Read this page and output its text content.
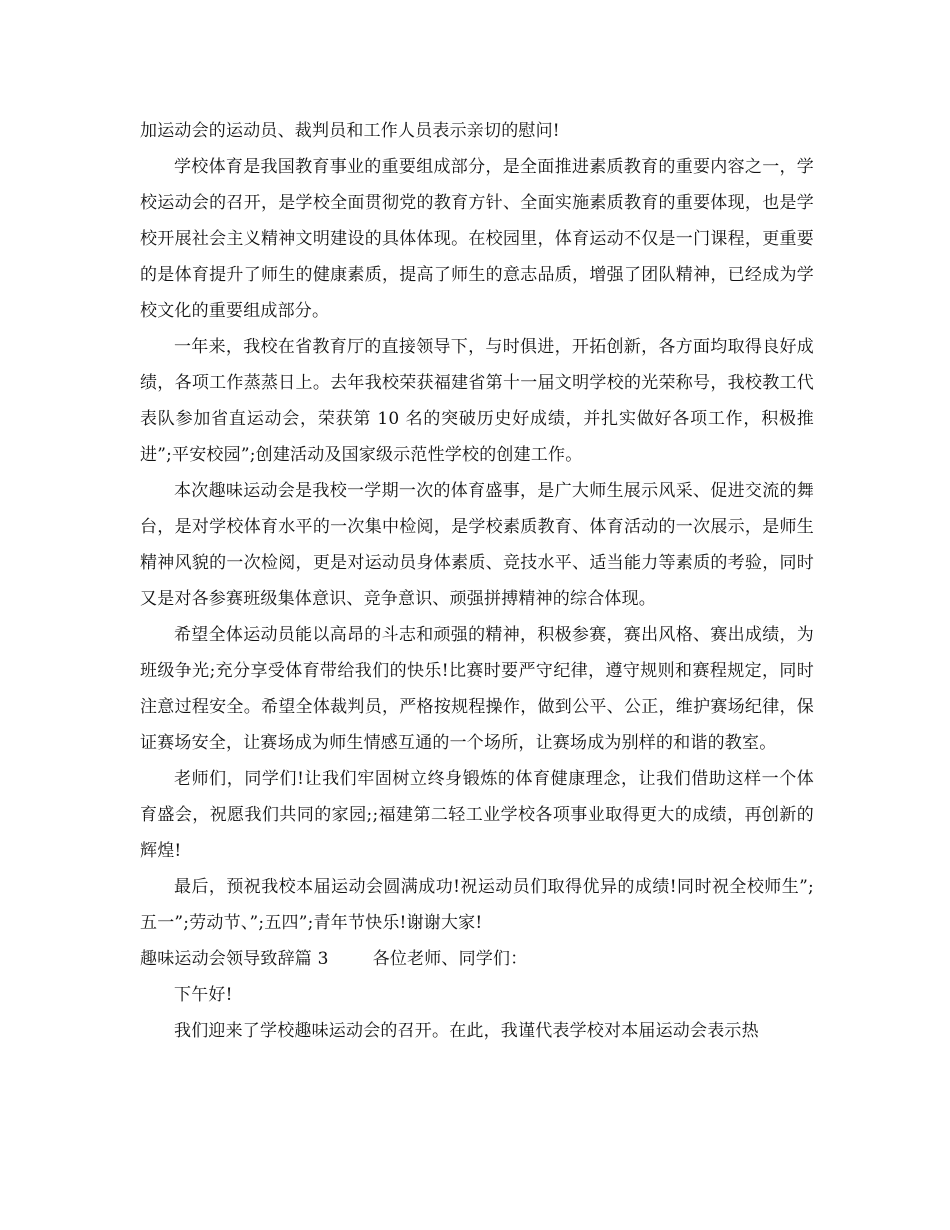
加运动会的运动员、裁判员和工作人员表示亲切的慰问!

学校体育是我国教育事业的重要组成部分，是全面推进素质教育的重要内容之一，学校运动会的召开，是学校全面贯彻党的教育方针、全面实施素质教育的重要体现，也是学校开展社会主义精神文明建设的具体体现。在校园里，体育运动不仅是一门课程，更重要的是体育提升了师生的健康素质，提高了师生的意志品质，增强了团队精神，已经成为学校文化的重要组成部分。

一年来，我校在省教育厅的直接领导下，与时俱进，开拓创新，各方面均取得良好成绩，各项工作蒸蒸日上。去年我校荣获福建省第十一届文明学校的光荣称号，我校教工代表队参加省直运动会，荣获第 10 名的突破历史好成绩，并扎实做好各项工作，积极推进”;平安校园”;创建活动及国家级示范性学校的创建工作。

本次趣味运动会是我校一学期一次的体育盛事，是广大师生展示风采、促进交流的舞台，是对学校体育水平的一次集中检阅，是学校素质教育、体育活动的一次展示，是师生精神风貌的一次检阅，更是对运动员身体素质、竞技水平、适当能力等素质的考验，同时又是对各参赛班级集体意识、竞争意识、顽强拼搏精神的综合体现。

希望全体运动员能以高昂的斗志和顽强的精神，积极参赛，赛出风格、赛出成绩，为班级争光;充分享受体育带给我们的快乐!比赛时要严守纪律，遵守规则和赛程规定，同时注意过程安全。希望全体裁判员，严格按规程操作，做到公平、公正，维护赛场纪律，保证赛场安全，让赛场成为师生情感互通的一个场所，让赛场成为别样的和谐的教室。

老师们，同学们!让我们牢固树立终身锻炼的体育健康理念，让我们借助这样一个体育盛会，祝愿我们共同的家园;;福建第二轻工业学校各项事业取得更大的成绩，再创新的辉煌!

最后，预祝我校本届运动会圆满成功!祝运动员们取得优异的成绩!同时祝全校师生”;五一”;劳动节、”;五四”;青年节快乐!谢谢大家!

趣味运动会领导致辞篇 3	各位老师、同学们：

下午好!

我们迎来了学校趣味运动会的召开。在此，我谨代表学校对本届运动会表示热
